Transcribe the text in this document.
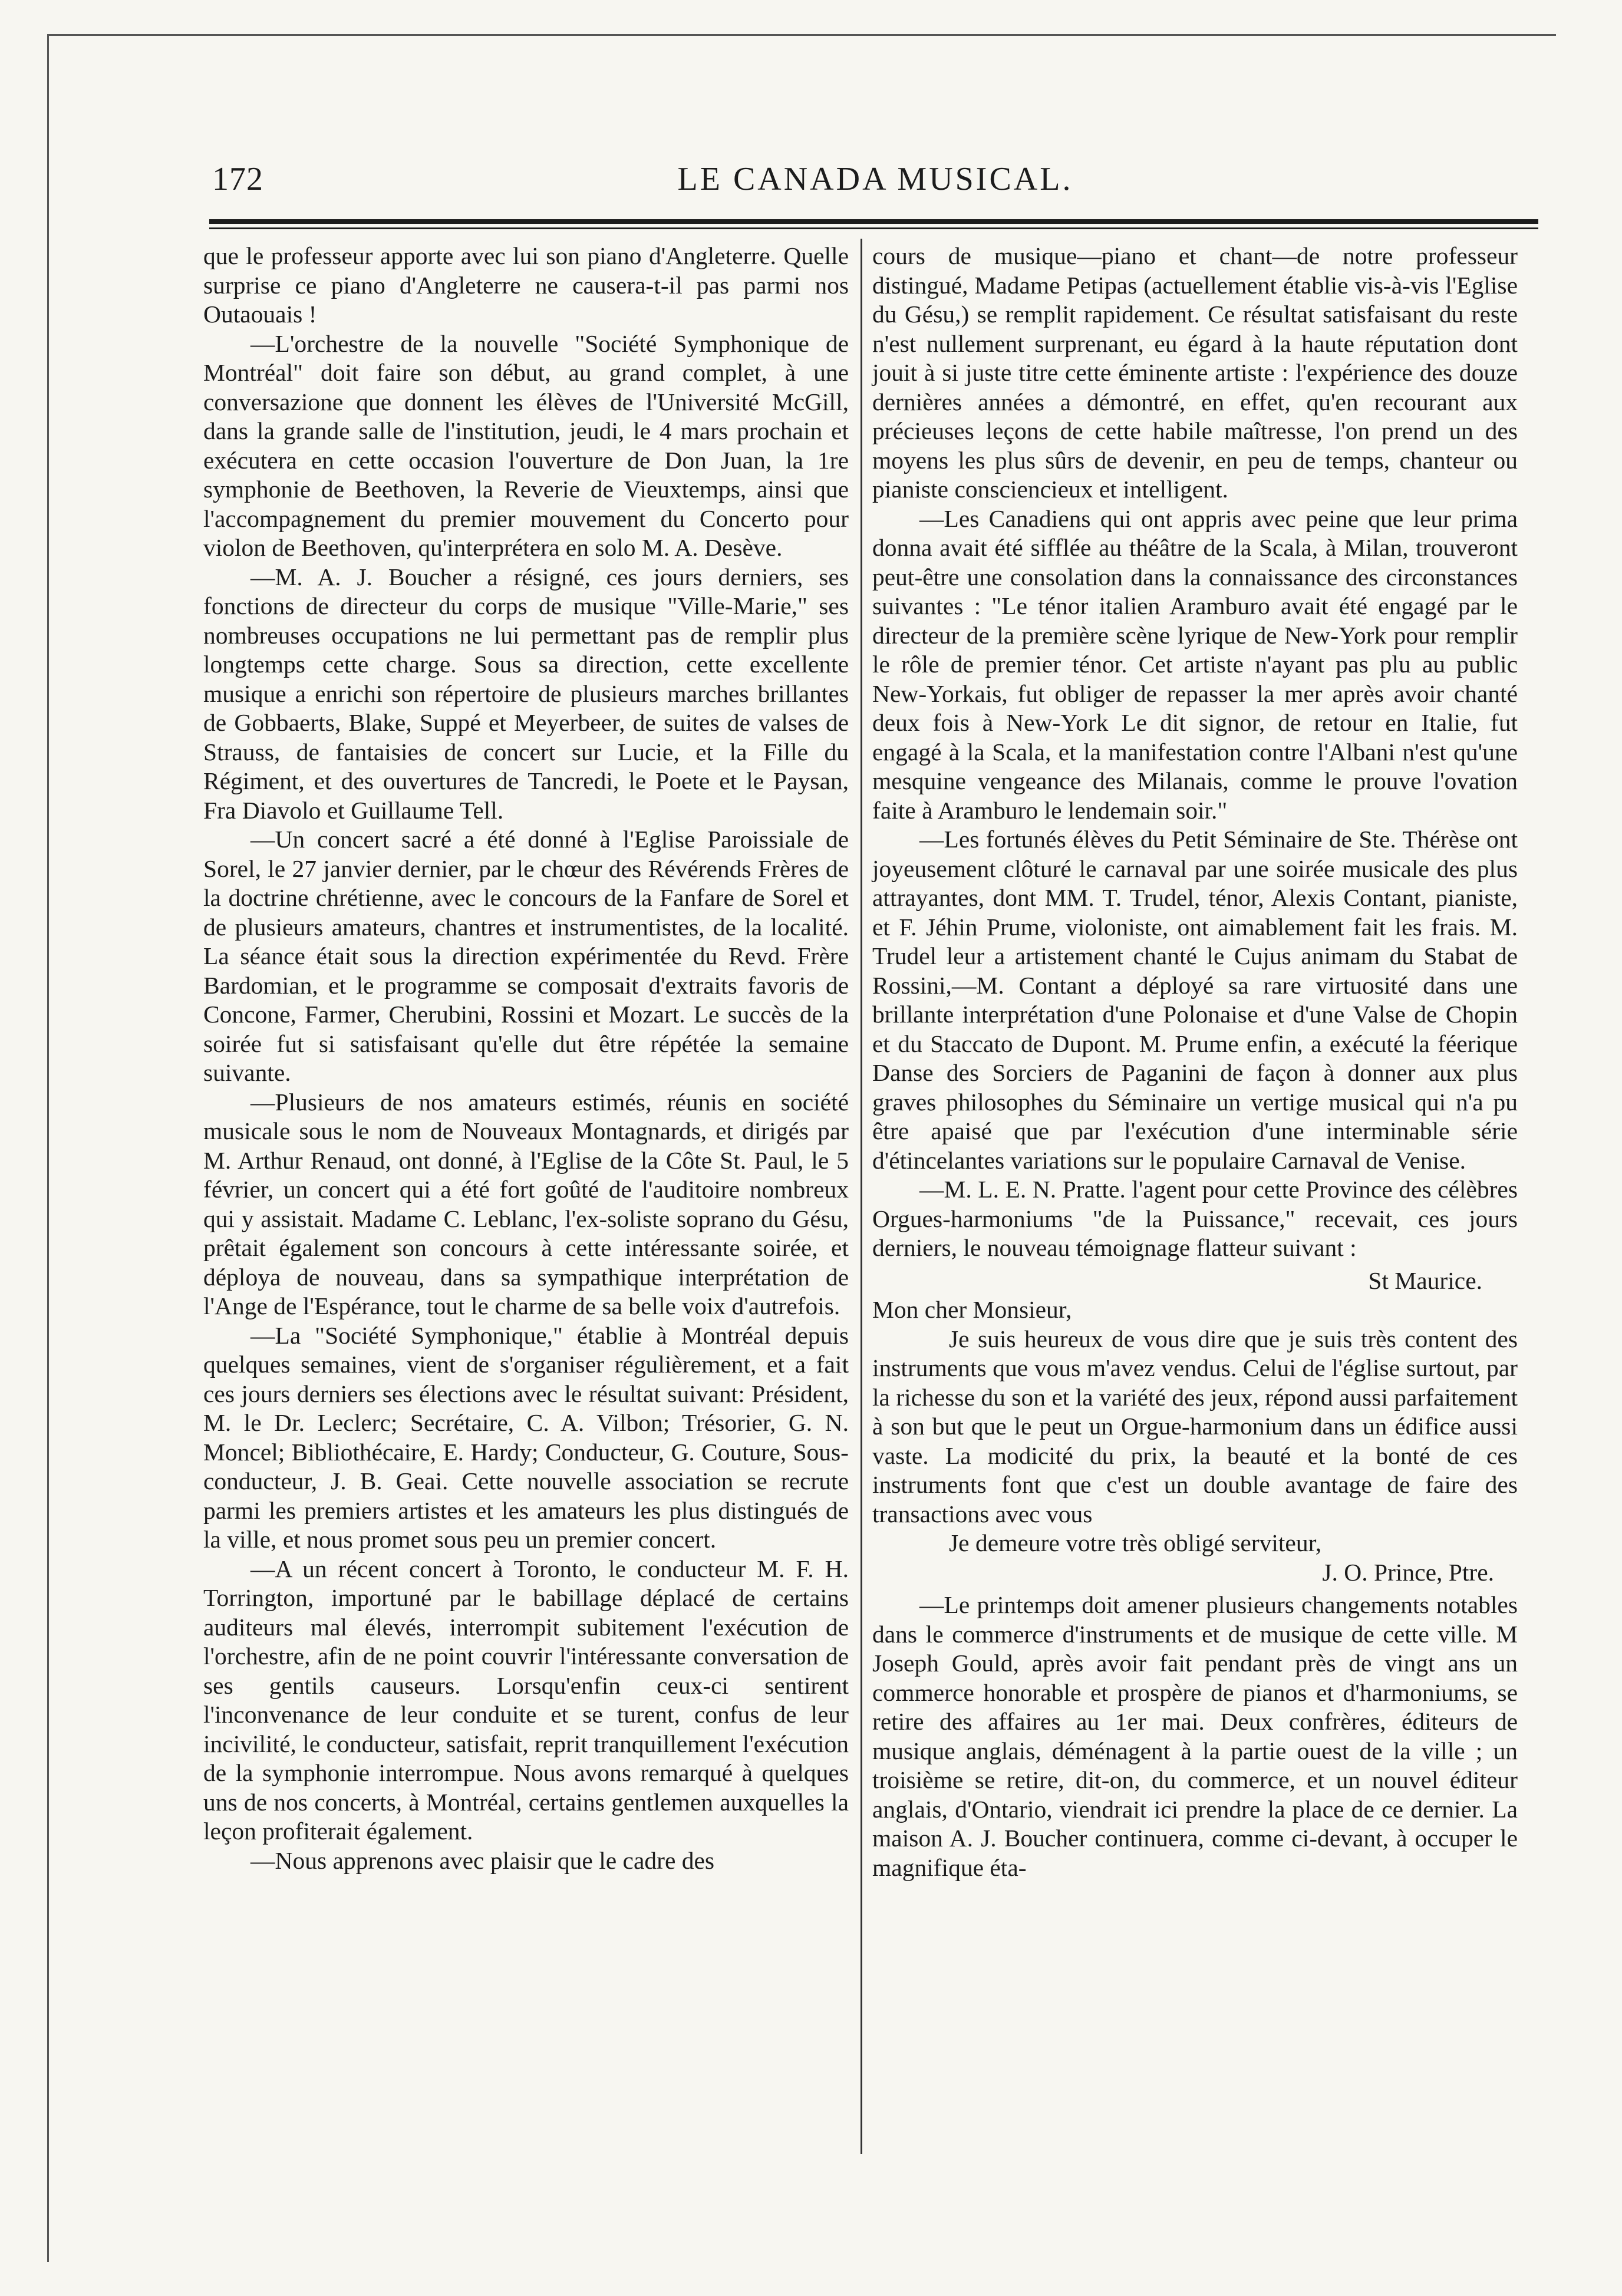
172	LE CANADA MUSICAL.

que le professeur apporte avec lui son piano d'Angleterre. Quelle surprise ce piano d'Angleterre ne causera-t-il pas parmi nos Outaouais !

—L'orchestre de la nouvelle "Société Symphonique de Montréal" doit faire son début, au grand complet, à une conversazione que donnent les élèves de l'Université McGill, dans la grande salle de l'institution, jeudi, le 4 mars prochain et exécutera en cette occasion l'ouverture de Don Juan, la 1re symphonie de Beethoven, la Reverie de Vieuxtemps, ainsi que l'accompagnement du premier mouvement du Concerto pour violon de Beethoven, qu'interprétera en solo M. A. Desève.

—M. A. J. Boucher a résigné, ces jours derniers, ses fonctions de directeur du corps de musique "Ville-Marie," ses nombreuses occupations ne lui permettant pas de remplir plus longtemps cette charge. Sous sa direction, cette excellente musique a enrichi son répertoire de plusieurs marches brillantes de Gobbaerts, Blake, Suppé et Meyerbeer, de suites de valses de Strauss, de fantaisies de concert sur Lucie, et la Fille du Régiment, et des ouvertures de Tancredi, le Poete et le Paysan, Fra Diavolo et Guillaume Tell.

—Un concert sacré a été donné à l'Eglise Paroissiale de Sorel, le 27 janvier dernier, par le chœur des Révérends Frères de la doctrine chrétienne, avec le concours de la Fanfare de Sorel et de plusieurs amateurs, chantres et instrumentistes, de la localité. La séance était sous la direction expérimentée du Revd. Frère Bardomian, et le programme se composait d'extraits favoris de Concone, Farmer, Cherubini, Rossini et Mozart. Le succès de la soirée fut si satisfaisant qu'elle dut être répétée la semaine suivante.

—Plusieurs de nos amateurs estimés, réunis en société musicale sous le nom de Nouveaux Montagnards, et dirigés par M. Arthur Renaud, ont donné, à l'Eglise de la Côte St. Paul, le 5 février, un concert qui a été fort goûté de l'auditoire nombreux qui y assistait. Madame C. Leblanc, l'ex-soliste soprano du Gésu, prêtait également son concours à cette intéressante soirée, et déploya de nouveau, dans sa sympathique interprétation de l'Ange de l'Espérance, tout le charme de sa belle voix d'autrefois.

—La "Société Symphonique," établie à Montréal depuis quelques semaines, vient de s'organiser régulièrement, et a fait ces jours derniers ses élections avec le résultat suivant: Président, M. le Dr. Leclerc; Secrétaire, C. A. Vilbon; Trésorier, G. N. Moncel; Bibliothécaire, E. Hardy; Conducteur, G. Couture, Sous-conducteur, J. B. Geai. Cette nouvelle association se recrute parmi les premiers artistes et les amateurs les plus distingués de la ville, et nous promet sous peu un premier concert.

—A un récent concert à Toronto, le conducteur M. F. H. Torrington, importuné par le babillage déplacé de certains auditeurs mal élevés, interrompit subitement l'exécution de l'orchestre, afin de ne point couvrir l'intéressante conversation de ses gentils causeurs. Lorsqu'enfin ceux-ci sentirent l'inconvenance de leur conduite et se turent, confus de leur incivilité, le conducteur, satisfait, reprit tranquillement l'exécution de la symphonie interrompue. Nous avons remarqué à quelques uns de nos concerts, à Montréal, certains gentlemen auxquelles la leçon profiterait également.

—Nous apprenons avec plaisir que le cadre des

cours de musique—piano et chant—de notre professeur distingué, Madame Petipas (actuellement établie vis-à-vis l'Eglise du Gésu,) se remplit rapidement. Ce résultat satisfaisant du reste n'est nullement surprenant, eu égard à la haute réputation dont jouit à si juste titre cette éminente artiste : l'expérience des douze dernières années a démontré, en effet, qu'en recourant aux précieuses leçons de cette habile maîtresse, l'on prend un des moyens les plus sûrs de devenir, en peu de temps, chanteur ou pianiste consciencieux et intelligent.

—Les Canadiens qui ont appris avec peine que leur prima donna avait été sifflée au théâtre de la Scala, à Milan, trouveront peut-être une consolation dans la connaissance des circonstances suivantes : "Le ténor italien Aramburo avait été engagé par le directeur de la première scène lyrique de New-York pour remplir le rôle de premier ténor. Cet artiste n'ayant pas plu au public New-Yorkais, fut obliger de repasser la mer après avoir chanté deux fois à New-York Le dit signor, de retour en Italie, fut engagé à la Scala, et la manifestation contre l'Albani n'est qu'une mesquine vengeance des Milanais, comme le prouve l'ovation faite à Aramburo le lendemain soir."

—Les fortunés élèves du Petit Séminaire de Ste. Thérèse ont joyeusement clôturé le carnaval par une soirée musicale des plus attrayantes, dont MM. T. Trudel, ténor, Alexis Contant, pianiste, et F. Jéhin Prume, violoniste, ont aimablement fait les frais. M. Trudel leur a artistement chanté le Cujus animam du Stabat de Rossini,—M. Contant a déployé sa rare virtuosité dans une brillante interprétation d'une Polonaise et d'une Valse de Chopin et du Staccato de Dupont. M. Prume enfin, a exécuté la féerique Danse des Sorciers de Paganini de façon à donner aux plus graves philosophes du Séminaire un vertige musical qui n'a pu être apaisé que par l'exécution d'une interminable série d'étincelantes variations sur le populaire Carnaval de Venise.

—M. L. E. N. Pratte. l'agent pour cette Province des célèbres Orgues-harmoniums "de la Puissance," recevait, ces jours derniers, le nouveau témoignage flatteur suivant :

St Maurice.

Mon cher Monsieur,

Je suis heureux de vous dire que je suis très content des instruments que vous m'avez vendus. Celui de l'église surtout, par la richesse du son et la variété des jeux, répond aussi parfaitement à son but que le peut un Orgue-harmonium dans un édifice aussi vaste. La modicité du prix, la beauté et la bonté de ces instruments font que c'est un double avantage de faire des transactions avec vous

Je demeure votre très obligé serviteur,

J. O. Prince, Ptre.

—Le printemps doit amener plusieurs changements notables dans le commerce d'instruments et de musique de cette ville. M Joseph Gould, après avoir fait pendant près de vingt ans un commerce honorable et prospère de pianos et d'harmoniums, se retire des affaires au 1er mai. Deux confrères, éditeurs de musique anglais, déménagent à la partie ouest de la ville ; un troisième se retire, dit-on, du commerce, et un nouvel éditeur anglais, d'Ontario, viendrait ici prendre la place de ce dernier. La maison A. J. Boucher continuera, comme ci-devant, à occuper le magnifique éta-
